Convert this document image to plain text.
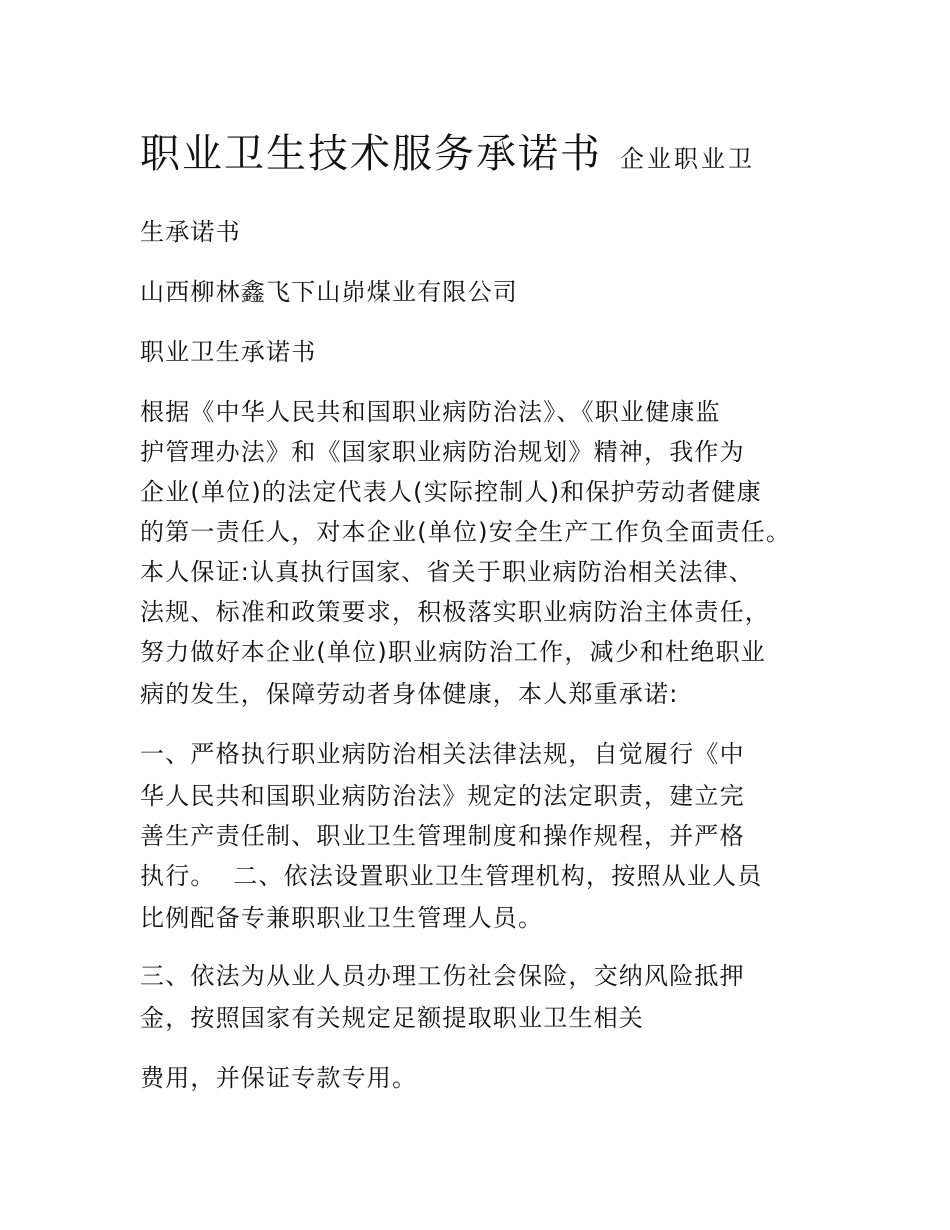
职业卫生技术服务承诺书 企业职业卫
生承诺书
山西柳林鑫飞下山峁煤业有限公司
职业卫生承诺书
根据《中华人民共和国职业病防治法》、《职业健康监
护管理办法》和《国家职业病防治规划》精神，我作为
企业(单位)的法定代表人(实际控制人)和保护劳动者健康
的第一责任人，对本企业(单位)安全生产工作负全面责任。
本人保证:认真执行国家、省关于职业病防治相关法律、
法规、标准和政策要求，积极落实职业病防治主体责任，
努力做好本企业(单位)职业病防治工作，减少和杜绝职业
病的发生，保障劳动者身体健康，本人郑重承诺:
一、严格执行职业病防治相关法律法规，自觉履行《中
华人民共和国职业病防治法》规定的法定职责，建立完
善生产责任制、职业卫生管理制度和操作规程，并严格
执行。  二、依法设置职业卫生管理机构，按照从业人员
比例配备专兼职职业卫生管理人员。
三、依法为从业人员办理工伤社会保险，交纳风险抵押
金，按照国家有关规定足额提取职业卫生相关
费用，并保证专款专用。
